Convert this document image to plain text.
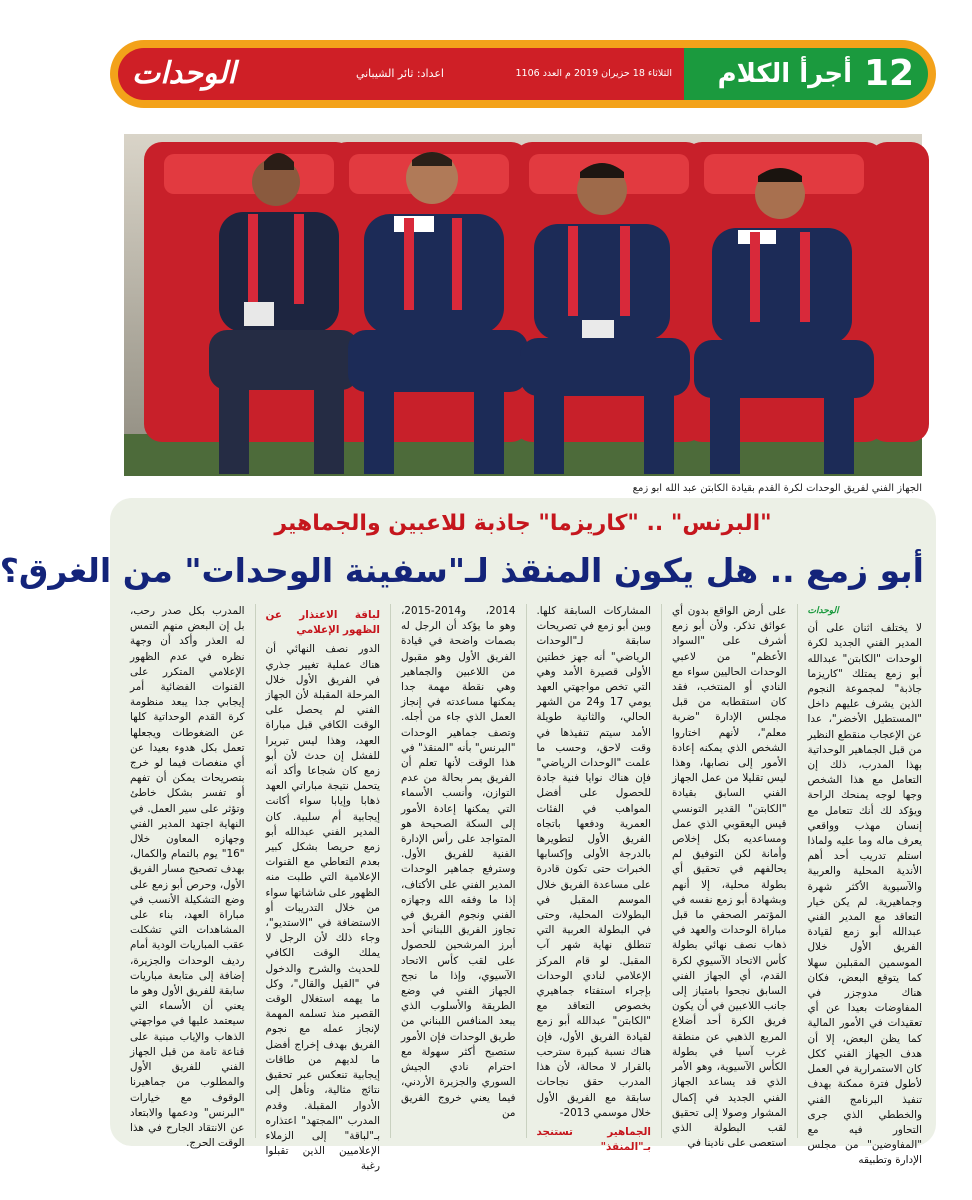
الوحدات	اعداد: ثائر الشيباني	الثلاثاء 18 حزيران 2019 م العدد 1106	أجرأ الكلام 12
الجهاز الفني لفريق الوحدات لكرة القدم بقيادة الكابتن عبد الله ابو زمع
"البرنس" .. "كاريزما" جاذبة للاعبين والجماهير
أبو زمع .. هل يكون المنقذ لـ"سفينة الوحدات" من الغرق؟
الوحدات

لا يختلف اثنان على أن المدير الفني الجديد لكرة الوحدات "الكابتن" عبدالله أبو زمع يمتلك "كاريزما جاذبة" لمجموعة النجوم الذين يشرف عليهم داخل "المستطيل الأخضر"، عدا عن الإعجاب منقطع النظير من قبل الجماهير الوحداتية بهذا المدرب، ذلك إن التعامل مع هذا الشخص وجها لوجه يمنحك الراحة ويؤكد لك أنك تتعامل مع إنسان مهذب وواقعي يعرف ماله وما عليه ولماذا استلم تدريب أحد أهم الأندية المحلية والعربية والآسيوية الأكثر شهرة وجماهيرية. لم يكن خيار التعاقد مع المدير الفني عبدالله أبو زمع لقيادة الفريق الأول خلال الموسمين المقبلين سهلا كما يتوقع البعض، فكان هناك مدوجزر في المفاوضات بعيدا عن أي تعقيدات في الأمور المالية كما يظن البعض، إلا أن هدف الجهاز الفني ككل كان الاستمرارية في العمل لأطول فترة ممكنة بهدف تنفيذ البرنامج الفني والخططي الذي جرى التحاور فيه مع "المفاوضين" من مجلس الإدارة وتطبيقه

على أرض الواقع بدون أي عوائق تذكر. ولأن أبو زمع أشرف على "السواد الأعظم" من لاعبي الوحدات الحاليين سواء مع النادي أو المنتخب، فقد كان استقطابه من قبل مجلس الإدارة "ضربة معلم"، لأنهم اختاروا الشخص الذي يمكنه إعادة الأمور إلى نصابها، وهذا ليس تقليلا من عمل الجهاز الفني السابق بقيادة "الكابتن" القدير التونسي قيس اليعقوبي الذي عمل ومساعديه بكل إخلاص وأمانة لكن التوفيق لم يحالفهم في تحقيق أي بطولة محلية، إلا أنهم وبشهادة أبو زمع نفسه في المؤتمر الصحفي ما قبل مباراة الوحدات والعهد في ذهاب نصف نهائي بطولة كأس الاتحاد الآسيوي لكرة القدم، أي الجهاز الفني السابق نجحوا بامتياز إلى جانب اللاعبين في أن يكون فريق الكرة أحد أضلاع المربع الذهبي عن منطقة غرب آسيا في بطولة الكأس الآسيوية، وهو الأمر الذي قد يساعد الجهاز الفني الجديد في إكمال المشوار وصولا إلى تحقيق لقب البطولة الذي استعصى على نادينا في

المشاركات السابقة كلها. وبين أبو زمع في تصريحات سابقة لـ"الوحدات الرياضي" أنه جهز خطتين الأولى قصيرة الأمد وهي التي تخص مواجهتي العهد يومي 17 و24 من الشهر الحالي، والثانية طويلة الأمد سيتم تنفيذها في وقت لاحق، وحسب ما علمت "الوحدات الرياضي" فإن هناك نوايا فنية جادة للحصول على أفضل المواهب في الفئات العمرية ودفعها باتجاه الفريق الأول لتطويرها بالدرجة الأولى وإكسابها الخبرات حتى تكون قادرة على مساعدة الفريق خلال الموسم المقبل في البطولات المحلية، وحتى في البطولة العربية التي تنطلق نهاية شهر آب المقبل. لو قام المركز الإعلامي لنادي الوحدات بإجراء استفتاء جماهيري بخصوص التعاقد مع "الكابتن" عبدالله أبو زمع لقيادة الفريق الأول، فإن هناك نسبة كبيرة سترحب بالقرار لا محالة، لأن هذا المدرب حقق نجاحات سابقة مع الفريق الأول خلال موسمي 2013-

الجماهير تستنجد بـ"المنقذ"

2014، و2014-2015، وهو ما يؤكد أن الرجل له بصمات واضحة في قيادة الفريق الأول وهو مقبول من اللاعبين والجماهير وهي نقطة مهمة جدا يمكنها مساعدته في إنجاز العمل الذي جاء من أجله. وتصف جماهير الوحدات "البرنس" بأنه "المنقذ" في هذا الوقت لأنها تعلم أن الفريق يمر بحالة من عدم التوازن، وأنسب الأسماء التي يمكنها إعادة الأمور إلى السكة الصحيحة هو المتواجد على رأس الإدارة الفنية للفريق الأول. وسترفع جماهير الوحدات المدير الفني على الأكتاف، إذا ما وفقه الله وجهازه الفني ونجوم الفريق في تجاوز الفريق اللبناني أحد أبرز المرشحين للحصول على لقب كأس الاتحاد الآسيوي، وإذا ما نجح الجهاز الفني في وضع الطريقة والأسلوب الذي يبعد المنافس اللبناني من طريق الوحدات فإن الأمور ستصبح أكثر سهولة مع احترام نادي الجيش السوري والجزيرة الأردني، فيما يعني خروج الفريق من

لباقة الاعتذار عن الظهور الإعلامي

الدور نصف النهائي أن هناك عملية تغيير جذري في الفريق الأول خلال المرحلة المقبلة لأن الجهاز الفني لم يحصل على الوقت الكافي قبل مباراة العهد، وهذا ليس تبريرا للفشل إن حدث لأن أبو زمع كان شجاعا وأكد أنه يتحمل نتيجة مباراتي العهد ذهابا وإيابا سواء أكانت إيجابية أم سلبية. كان المدير الفني عبدالله أبو زمع حريصا بشكل كبير بعدم التعاطي مع القنوات الإعلامية التي طلبت منه الظهور على شاشاتها سواء من خلال التدريبات أو الاستضافة في "الاستديو"، وجاء ذلك لأن الرجل لا يملك الوقت الكافي للحديث والشرح والدخول في "القيل والقال"، وكل ما يهمه استغلال الوقت القصير منذ تسلمه المهمة لإنجاز عمله مع نجوم الفريق بهدف إخراج أفضل ما لديهم من طاقات إيجابية تنعكس عبر تحقيق نتائج مثالية، وتأهل إلى الأدوار المقبلة. وقدم المدرب "المجتهد" اعتذاره بـ"لباقة" إلى الزملاء الإعلاميين الذين تقبلوا رغبة

المدرب بكل صدر رحب، بل إن البعض منهم التمس له العذر وأكد أن وجهة نظره في عدم الظهور الإعلامي المتكرر على القنوات الفضائية أمر إيجابي جدا يبعد منظومة كرة القدم الوحداتية كلها عن الضغوطات ويجعلها تعمل بكل هدوء بعيدا عن أي منغصات فيما لو خرج بتصريحات يمكن أن تفهم أو تفسر بشكل خاطئ وتؤثر على سير العمل. في النهاية اجتهد المدير الفني وجهازه المعاون خلال "16" يوم بالتمام والكمال، بهدف تصحيح مسار الفريق الأول، وحرص أبو زمع على وضع التشكيلة الأنسب في مباراة العهد، بناء على المشاهدات التي تشكلت عقب المباريات الودية أمام رديف الوحدات والجزيرة، إضافة إلى متابعة مباريات سابقة للفريق الأول وهو ما يعني أن الأسماء التي سيعتمد عليها في مواجهتي الذهاب والإياب مبنية على قناعة تامة من قبل الجهاز الفني للفريق الأول والمطلوب من جماهيرنا الوقوف مع خيارات "البرنس" ودعمها والابتعاد عن الانتقاد الجارح في هذا الوقت الحرج.
